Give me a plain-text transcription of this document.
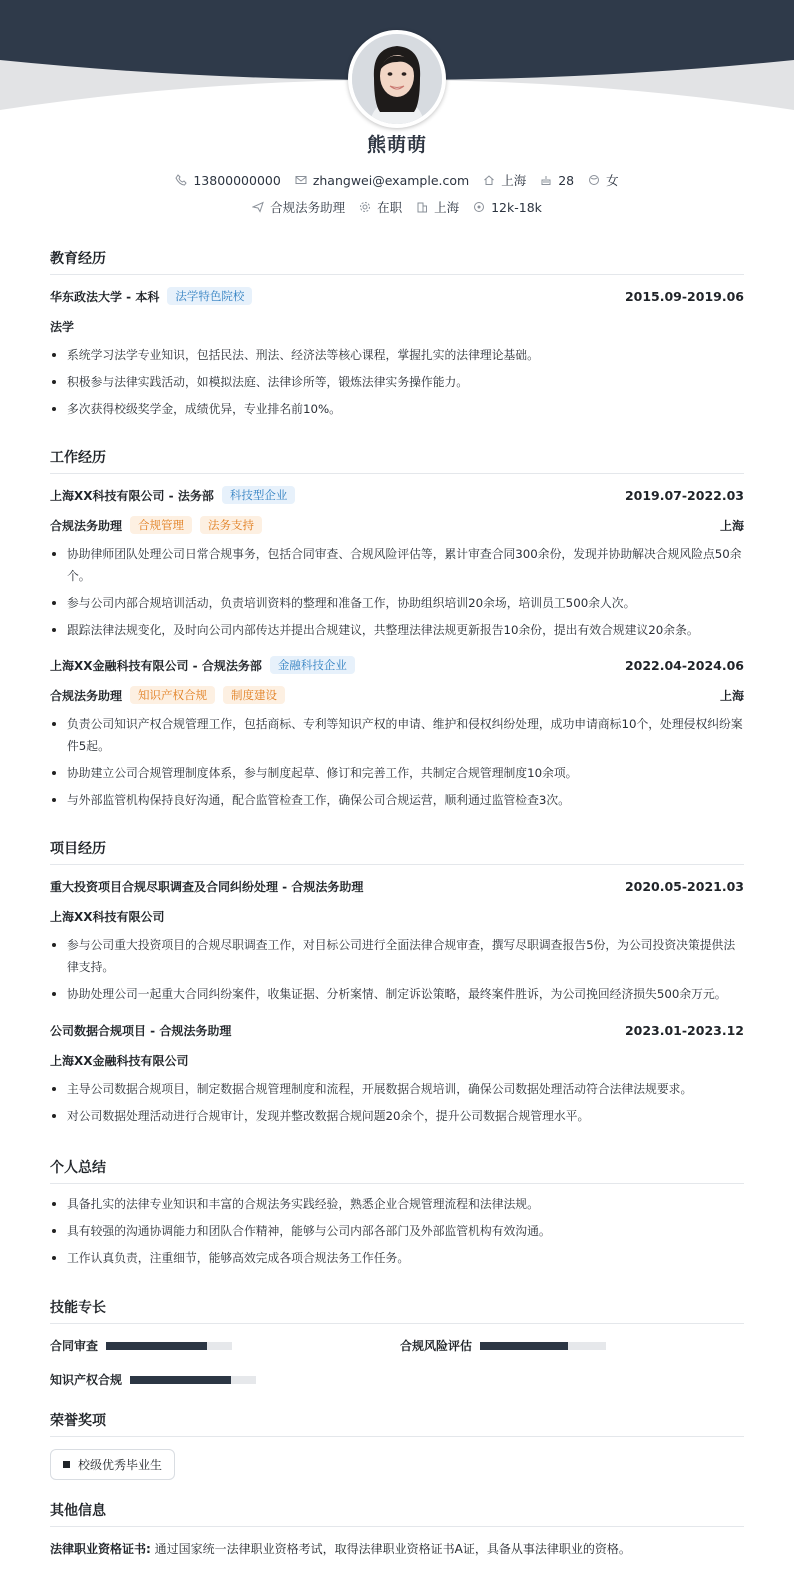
熊萌萌
13800000000	zhangwei@example.com	上海	28	女
合规法务助理	在职	上海	12k-18k
教育经历
华东政法大学 - 本科	法学特色院校	2015.09-2019.06
法学
系统学习法学专业知识，包括民法、刑法、经济法等核心课程，掌握扎实的法律理论基础。
积极参与法律实践活动，如模拟法庭、法律诊所等，锻炼法律实务操作能力。
多次获得校级奖学金，成绩优异，专业排名前10%。
工作经历
上海XX科技有限公司 - 法务部	科技型企业	2019.07-2022.03
合规法务助理	合规管理	法务支持	上海
协助律师团队处理公司日常合规事务，包括合同审查、合规风险评估等，累计审查合同300余份，发现并协助解决合规风险点50余个。
参与公司内部合规培训活动，负责培训资料的整理和准备工作，协助组织培训20余场，培训员工500余人次。
跟踪法律法规变化，及时向公司内部传达并提出合规建议，共整理法律法规更新报告10余份，提出有效合规建议20余条。
上海XX金融科技有限公司 - 合规法务部	金融科技企业	2022.04-2024.06
合规法务助理	知识产权合规	制度建设	上海
负责公司知识产权合规管理工作，包括商标、专利等知识产权的申请、维护和侵权纠纷处理，成功申请商标10个，处理侵权纠纷案件5起。
协助建立公司合规管理制度体系，参与制度起草、修订和完善工作，共制定合规管理制度10余项。
与外部监管机构保持良好沟通，配合监管检查工作，确保公司合规运营，顺利通过监管检查3次。
项目经历
重大投资项目合规尽职调查及合同纠纷处理 - 合规法务助理	2020.05-2021.03
上海XX科技有限公司
参与公司重大投资项目的合规尽职调查工作，对目标公司进行全面法律合规审查，撰写尽职调查报告5份，为公司投资决策提供法律支持。
协助处理公司一起重大合同纠纷案件，收集证据、分析案情、制定诉讼策略，最终案件胜诉，为公司挽回经济损失500余万元。
公司数据合规项目 - 合规法务助理	2023.01-2023.12
上海XX金融科技有限公司
主导公司数据合规项目，制定数据合规管理制度和流程，开展数据合规培训，确保公司数据处理活动符合法律法规要求。
对公司数据处理活动进行合规审计，发现并整改数据合规问题20余个，提升公司数据合规管理水平。
个人总结
具备扎实的法律专业知识和丰富的合规法务实践经验，熟悉企业合规管理流程和法律法规。
具有较强的沟通协调能力和团队合作精神，能够与公司内部各部门及外部监管机构有效沟通。
工作认真负责，注重细节，能够高效完成各项合规法务工作任务。
技能专长
合同审查	合规风险评估
知识产权合规
荣誉奖项
校级优秀毕业生
其他信息
法律职业资格证书: 通过国家统一法律职业资格考试，取得法律职业资格证书A证，具备从事法律职业的资格。
